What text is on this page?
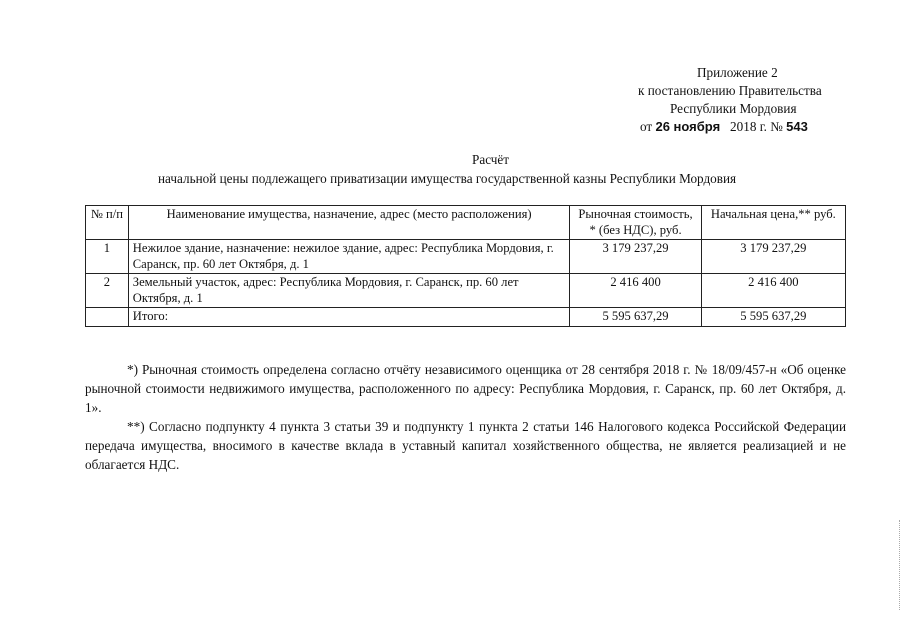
Приложение 2
к постановлению Правительства
Республики Мордовия
от 26 ноября 2018 г. № 543
Расчёт
начальной цены подлежащего приватизации имущества государственной казны Республики Мордовия
№ п/п	Наименование имущества, назначение, адрес (место расположения)	Рыночная стоимость, * (без НДС), руб.	Начальная цена,** руб.
1	Нежилое здание, назначение: нежилое здание, адрес: Республика Мордовия, г. Саранск, пр. 60 лет Октября, д. 1	3 179 237,29	3 179 237,29
2	Земельный участок, адрес: Республика Мордовия, г. Саранск, пр. 60 лет Октября, д. 1	2 416 400	2 416 400
	Итого:	5 595 637,29	5 595 637,29

*) Рыночная стоимость определена согласно отчёту независимого оценщика от 28 сентября 2018 г. № 18/09/457-н «Об оценке рыночной стоимости недвижимого имущества, расположенного по адресу: Республика Мордовия, г. Саранск, пр. 60 лет Октября, д. 1».

**) Согласно подпункту 4 пункта 3 статьи 39 и подпункту 1 пункта 2 статьи 146 Налогового кодекса Российской Федерации передача имущества, вносимого в качестве вклада в уставный капитал хозяйственного общества, не является реализацией и не облагается НДС.
